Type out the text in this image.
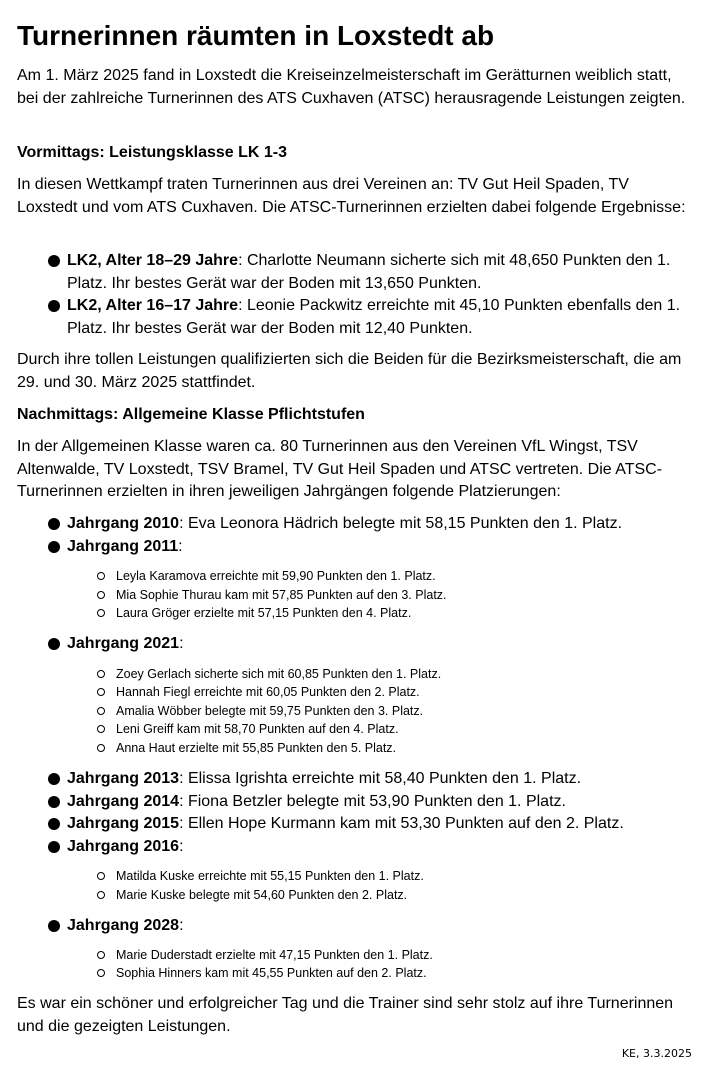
Turnerinnen räumten in Loxstedt ab

Am 1. März 2025 fand in Loxstedt die Kreiseinzelmeisterschaft im Gerätturnen weiblich statt, bei der zahlreiche Turnerinnen des ATS Cuxhaven (ATSC) herausragende Leistungen zeigten.

Vormittags: Leistungsklasse LK 1-3

In diesen Wettkampf traten Turnerinnen aus drei Vereinen an: TV Gut Heil Spaden, TV Loxstedt und vom ATS Cuxhaven. Die ATSC-Turnerinnen erzielten dabei folgende Ergebnisse:

LK2, Alter 18–29 Jahre: Charlotte Neumann sicherte sich mit 48,650 Punkten den 1. Platz. Ihr bestes Gerät war der Boden mit 13,650 Punkten.
LK2, Alter 16–17 Jahre: Leonie Packwitz erreichte mit 45,10 Punkten ebenfalls den 1. Platz. Ihr bestes Gerät war der Boden mit 12,40 Punkten.

Durch ihre tollen Leistungen qualifizierten sich die Beiden für die Bezirksmeisterschaft, die am 29. und 30. März 2025 stattfindet.

Nachmittags: Allgemeine Klasse Pflichtstufen

In der Allgemeinen Klasse waren ca. 80 Turnerinnen aus den Vereinen VfL Wingst, TSV Altenwalde, TV Loxstedt, TSV Bramel, TV Gut Heil Spaden und ATSC vertreten. Die ATSC-Turnerinnen erzielten in ihren jeweiligen Jahrgängen folgende Platzierungen:

Jahrgang 2010: Eva Leonora Hädrich belegte mit 58,15 Punkten den 1. Platz.
Jahrgang 2011:
Leyla Karamova erreichte mit 59,90 Punkten den 1. Platz.
Mia Sophie Thurau kam mit 57,85 Punkten auf den 3. Platz.
Laura Gröger erzielte mit 57,15 Punkten den 4. Platz.
Jahrgang 2021:
Zoey Gerlach sicherte sich mit 60,85 Punkten den 1. Platz.
Hannah Fiegl erreichte mit 60,05 Punkten den 2. Platz.
Amalia Wöbber belegte mit 59,75 Punkten den 3. Platz.
Leni Greiff kam mit 58,70 Punkten auf den 4. Platz.
Anna Haut erzielte mit 55,85 Punkten den 5. Platz.
Jahrgang 2013: Elissa Igrishta erreichte mit 58,40 Punkten den 1. Platz.
Jahrgang 2014: Fiona Betzler belegte mit 53,90 Punkten den 1. Platz.
Jahrgang 2015: Ellen Hope Kurmann kam mit 53,30 Punkten auf den 2. Platz.
Jahrgang 2016:
Matilda Kuske erreichte mit 55,15 Punkten den 1. Platz.
Marie Kuske belegte mit 54,60 Punkten den 2. Platz.
Jahrgang 2028:
Marie Duderstadt erzielte mit 47,15 Punkten den 1. Platz.
Sophia Hinners kam mit 45,55 Punkten auf den 2. Platz.

Es war ein schöner und erfolgreicher Tag und die Trainer sind sehr stolz auf ihre Turnerinnen und die gezeigten Leistungen.

KE, 3.3.2025
